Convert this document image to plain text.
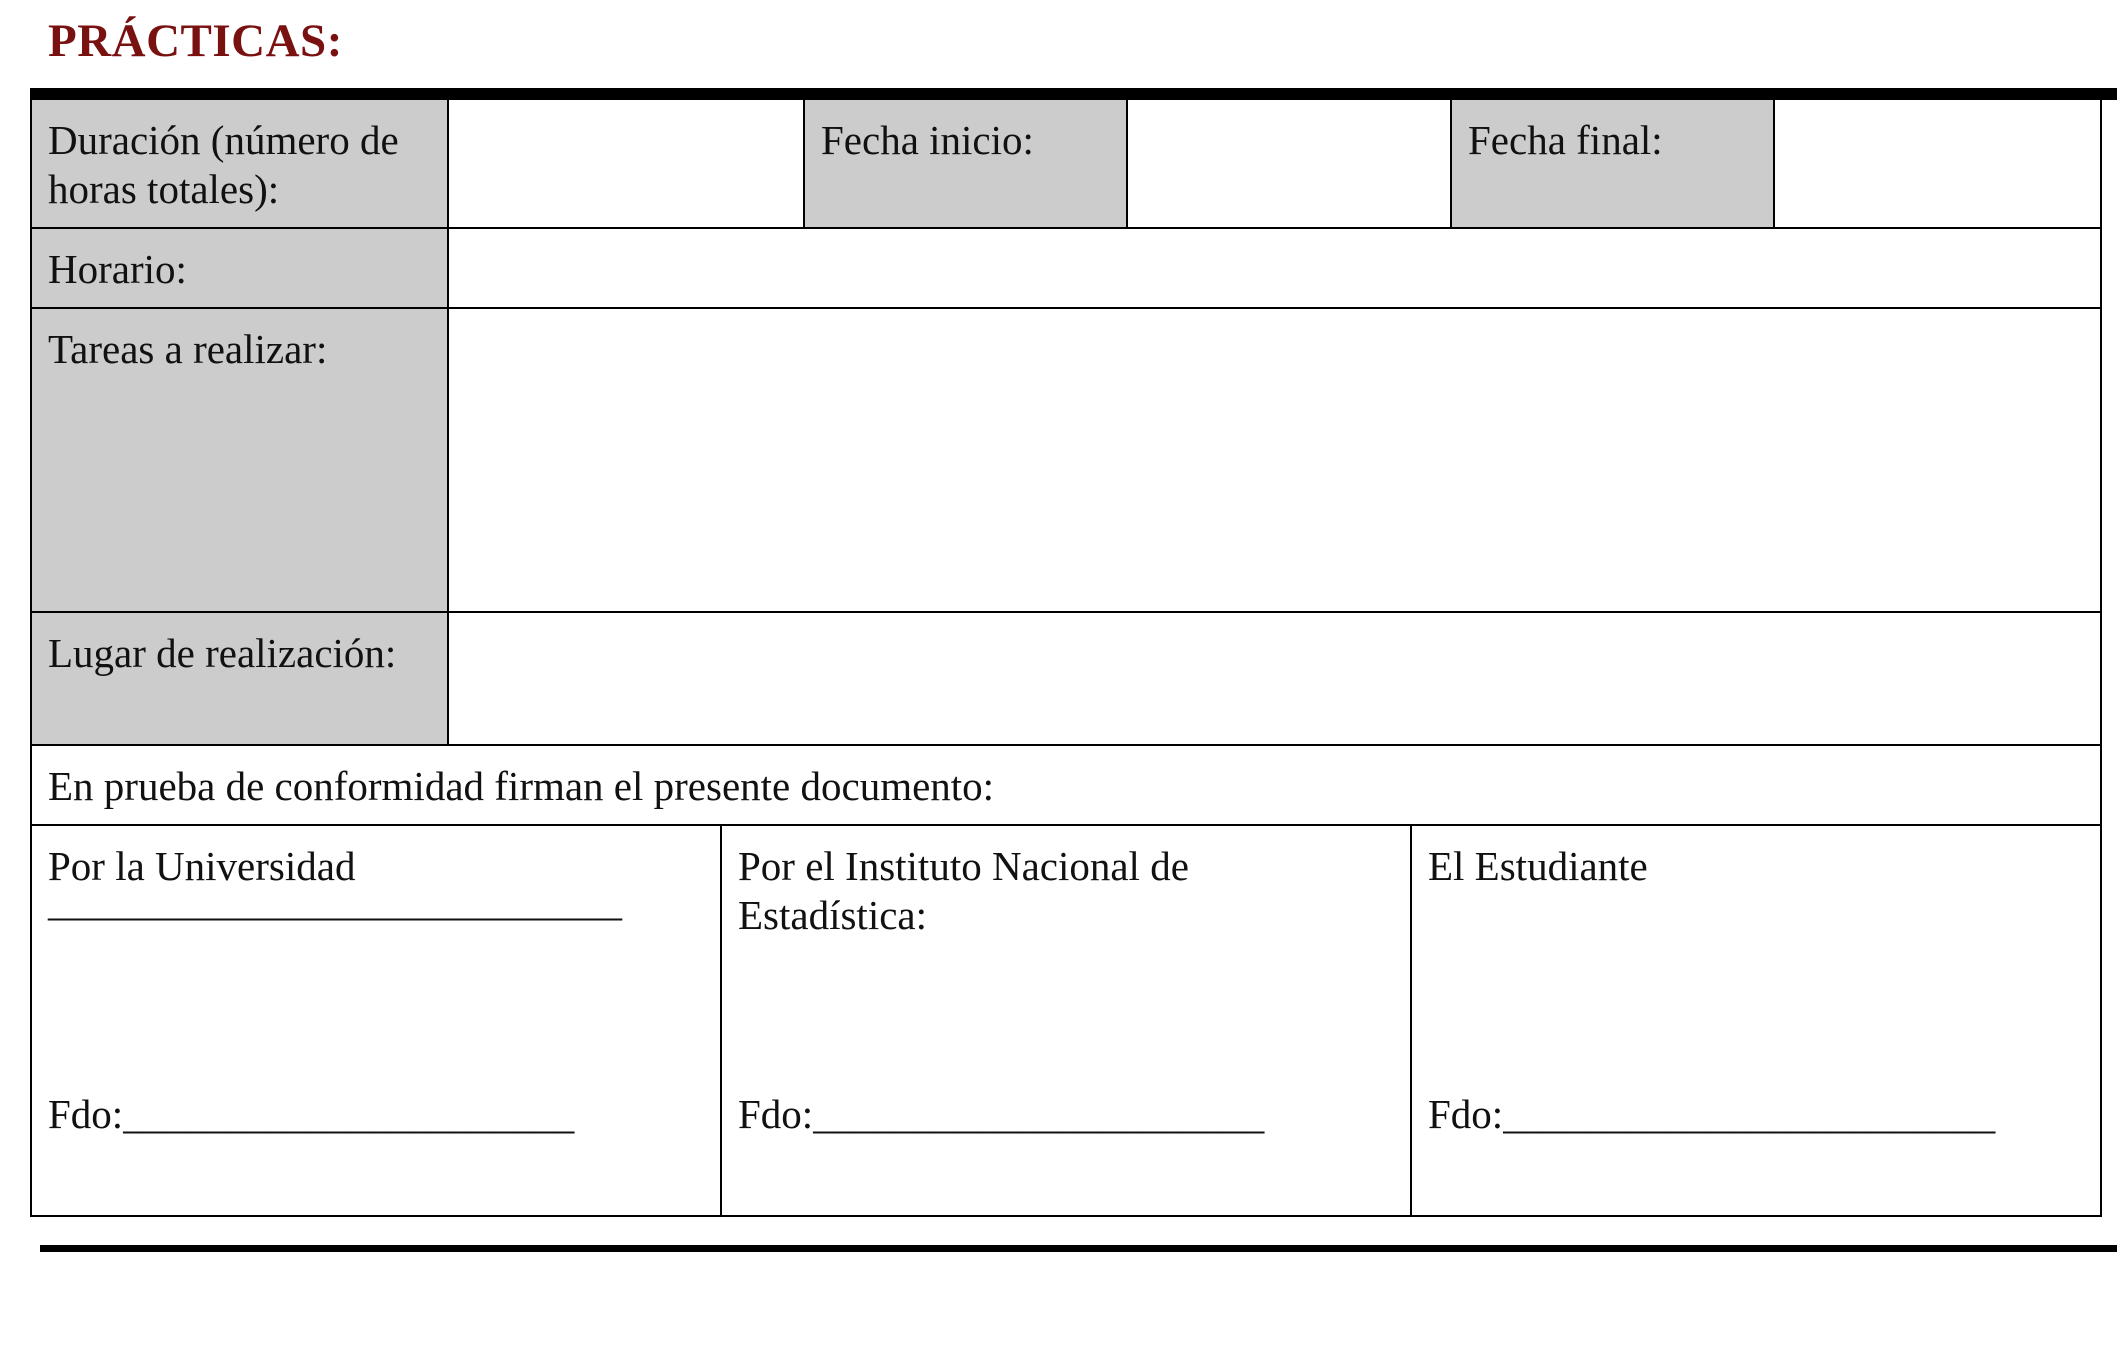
PRÁCTICAS:
Duración (número de horas totales):
Fecha inicio:	Fecha final:
Horario:
Tareas a realizar:
Lugar de realización:
En prueba de conformidad firman el presente documento:
Por la Universidad
____________________________
Fdo:______________________
Por el Instituto Nacional de Estadística:
Fdo:______________________
El Estudiante
Fdo:________________________
